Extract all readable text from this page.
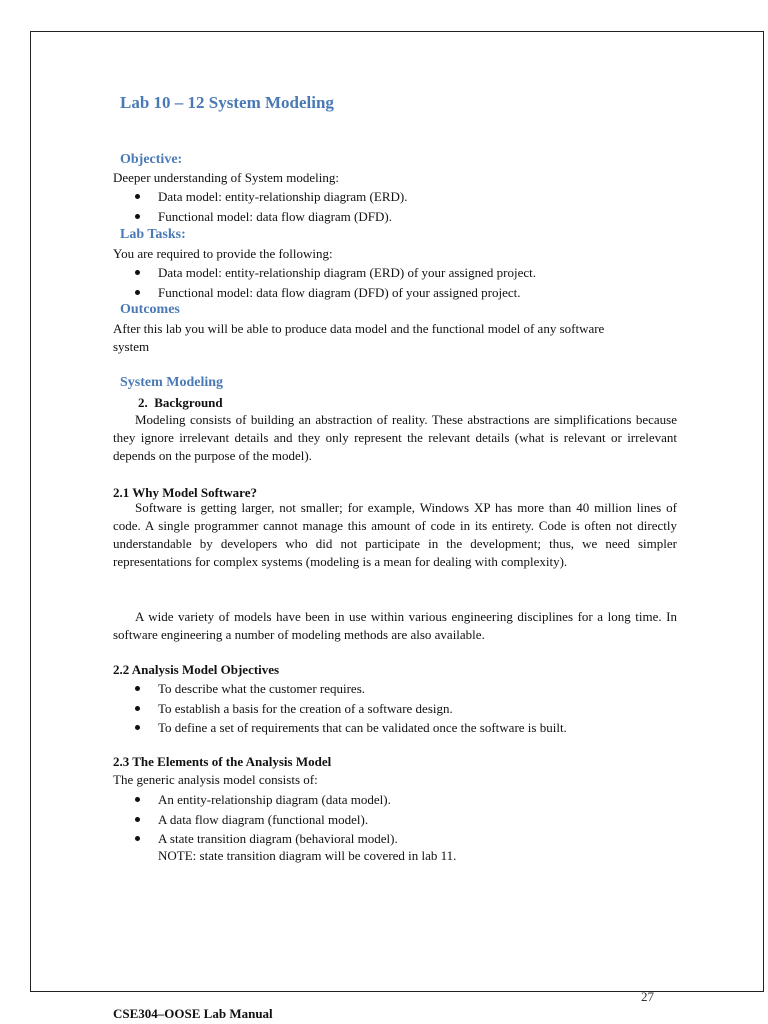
Lab 10 – 12 System Modeling
Objective:
Deeper understanding of System modeling:
Data model: entity-relationship diagram (ERD).
Functional model: data flow diagram (DFD).
Lab Tasks:
You are required to provide the following:
Data model: entity-relationship diagram (ERD) of your assigned project.
Functional model: data flow diagram (DFD) of your assigned project.
Outcomes
After this lab you will be able to produce data model and the functional model of any software system
System Modeling
2. Background
Modeling consists of building an abstraction of reality. These abstractions are simplifications because they ignore irrelevant details and they only represent the relevant details (what is relevant or irrelevant depends on the purpose of the model).
2.1 Why Model Software?
Software is getting larger, not smaller; for example, Windows XP has more than 40 million lines of code. A single programmer cannot manage this amount of code in its entirety. Code is often not directly understandable by developers who did not participate in the development; thus, we need simpler representations for complex systems (modeling is a mean for dealing with complexity).
A wide variety of models have been in use within various engineering disciplines for a long time. In software engineering a number of modeling methods are also available.
2.2 Analysis Model Objectives
To describe what the customer requires.
To establish a basis for the creation of a software design.
To define a set of requirements that can be validated once the software is built.
2.3 The Elements of the Analysis Model
The generic analysis model consists of:
An entity-relationship diagram (data model).
A data flow diagram (functional model).
A state transition diagram (behavioral model).
NOTE: state transition diagram will be covered in lab 11.
27
CSE304–OOSE Lab Manual
